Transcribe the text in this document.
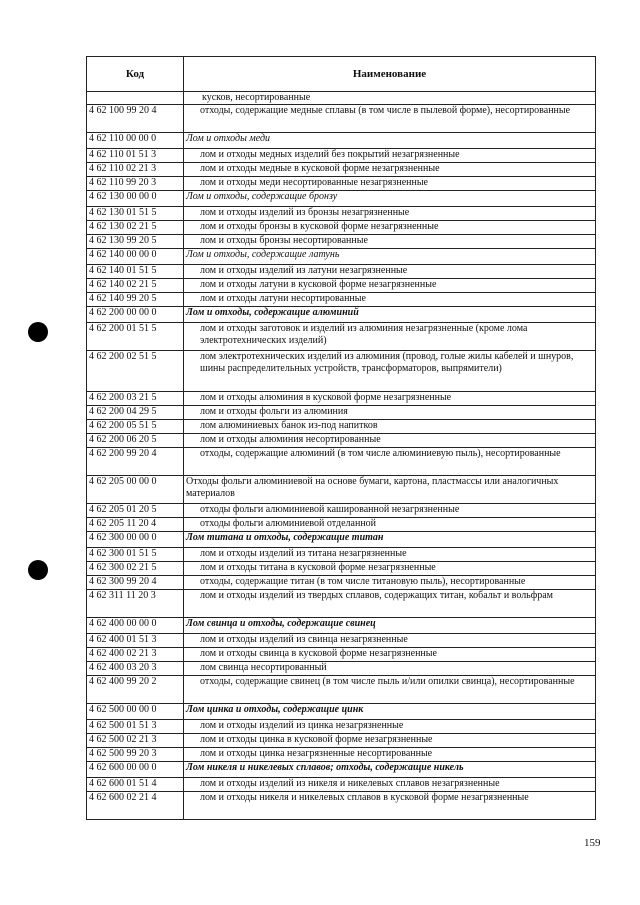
Код	Наименование
кусков, несортированные
4 62 100 99 20 4	отходы, содержащие медные сплавы (в том числе в пылевой форме), несортированные
4 62 110 00 00 0	Лом и отходы меди
4 62 110 01 51 3	лом и отходы медных изделий без покрытий незагрязненные
4 62 110 02 21 3	лом и отходы медные в кусковой форме незагрязненные
4 62 110 99 20 3	лом и отходы меди несортированные незагрязненные
4 62 130 00 00 0	Лом и отходы, содержащие бронзу
4 62 130 01 51 5	лом и отходы изделий из бронзы незагрязненные
4 62 130 02 21 5	лом и отходы бронзы в кусковой форме незагрязненные
4 62 130 99 20 5	лом и отходы бронзы несортированные
4 62 140 00 00 0	Лом и отходы, содержащие латунь
4 62 140 01 51 5	лом и отходы изделий из латуни незагрязненные
4 62 140 02 21 5	лом и отходы латуни в кусковой форме незагрязненные
4 62 140 99 20 5	лом и отходы латуни несортированные
4 62 200 00 00 0	Лом и отходы, содержащие алюминий
4 62 200 01 51 5	лом и отходы заготовок и изделий из алюминия незагрязненные (кроме лома электротехнических изделий)
4 62 200 02 51 5	лом электротехнических изделий из алюминия (провод, голые жилы кабелей и шнуров, шины распределительных устройств, трансформаторов, выпрямители)
4 62 200 03 21 5	лом и отходы алюминия в кусковой форме незагрязненные
4 62 200 04 29 5	лом и отходы фольги из алюминия
4 62 200 05 51 5	лом алюминиевых банок из-под напитков
4 62 200 06 20 5	лом и отходы алюминия несортированные
4 62 200 99 20 4	отходы, содержащие алюминий (в том числе алюминиевую пыль), несортированные
4 62 205 00 00 0	Отходы фольги алюминиевой на основе бумаги, картона, пластмассы или аналогичных материалов
4 62 205 01 20 5	отходы фольги алюминиевой кашированной незагрязненные
4 62 205 11 20 4	отходы фольги алюминиевой отделанной
4 62 300 00 00 0	Лом титана и отходы, содержащие титан
4 62 300 01 51 5	лом и отходы изделий из титана незагрязненные
4 62 300 02 21 5	лом и отходы титана в кусковой форме незагрязненные
4 62 300 99 20 4	отходы, содержащие титан (в том числе титановую пыль), несортированные
4 62 311 11 20 3	лом и отходы изделий из твердых сплавов, содержащих титан, кобальт и вольфрам
4 62 400 00 00 0	Лом свинца и отходы, содержащие свинец
4 62 400 01 51 3	лом и отходы изделий из свинца незагрязненные
4 62 400 02 21 3	лом и отходы свинца в кусковой форме незагрязненные
4 62 400 03 20 3	лом свинца несортированный
4 62 400 99 20 2	отходы, содержащие свинец (в том числе пыль и/или опилки свинца), несортированные
4 62 500 00 00 0	Лом цинка и отходы, содержащие цинк
4 62 500 01 51 3	лом и отходы изделий из цинка незагрязненные
4 62 500 02 21 3	лом и отходы цинка в кусковой форме незагрязненные
4 62 500 99 20 3	лом и отходы цинка незагрязненные несортированные
4 62 600 00 00 0	Лом никеля и никелевых сплавов; отходы, содержащие никель
4 62 600 01 51 4	лом и отходы изделий из никеля и никелевых сплавов незагрязненные
4 62 600 02 21 4	лом и отходы никеля и никелевых сплавов в кусковой форме незагрязненные
159
